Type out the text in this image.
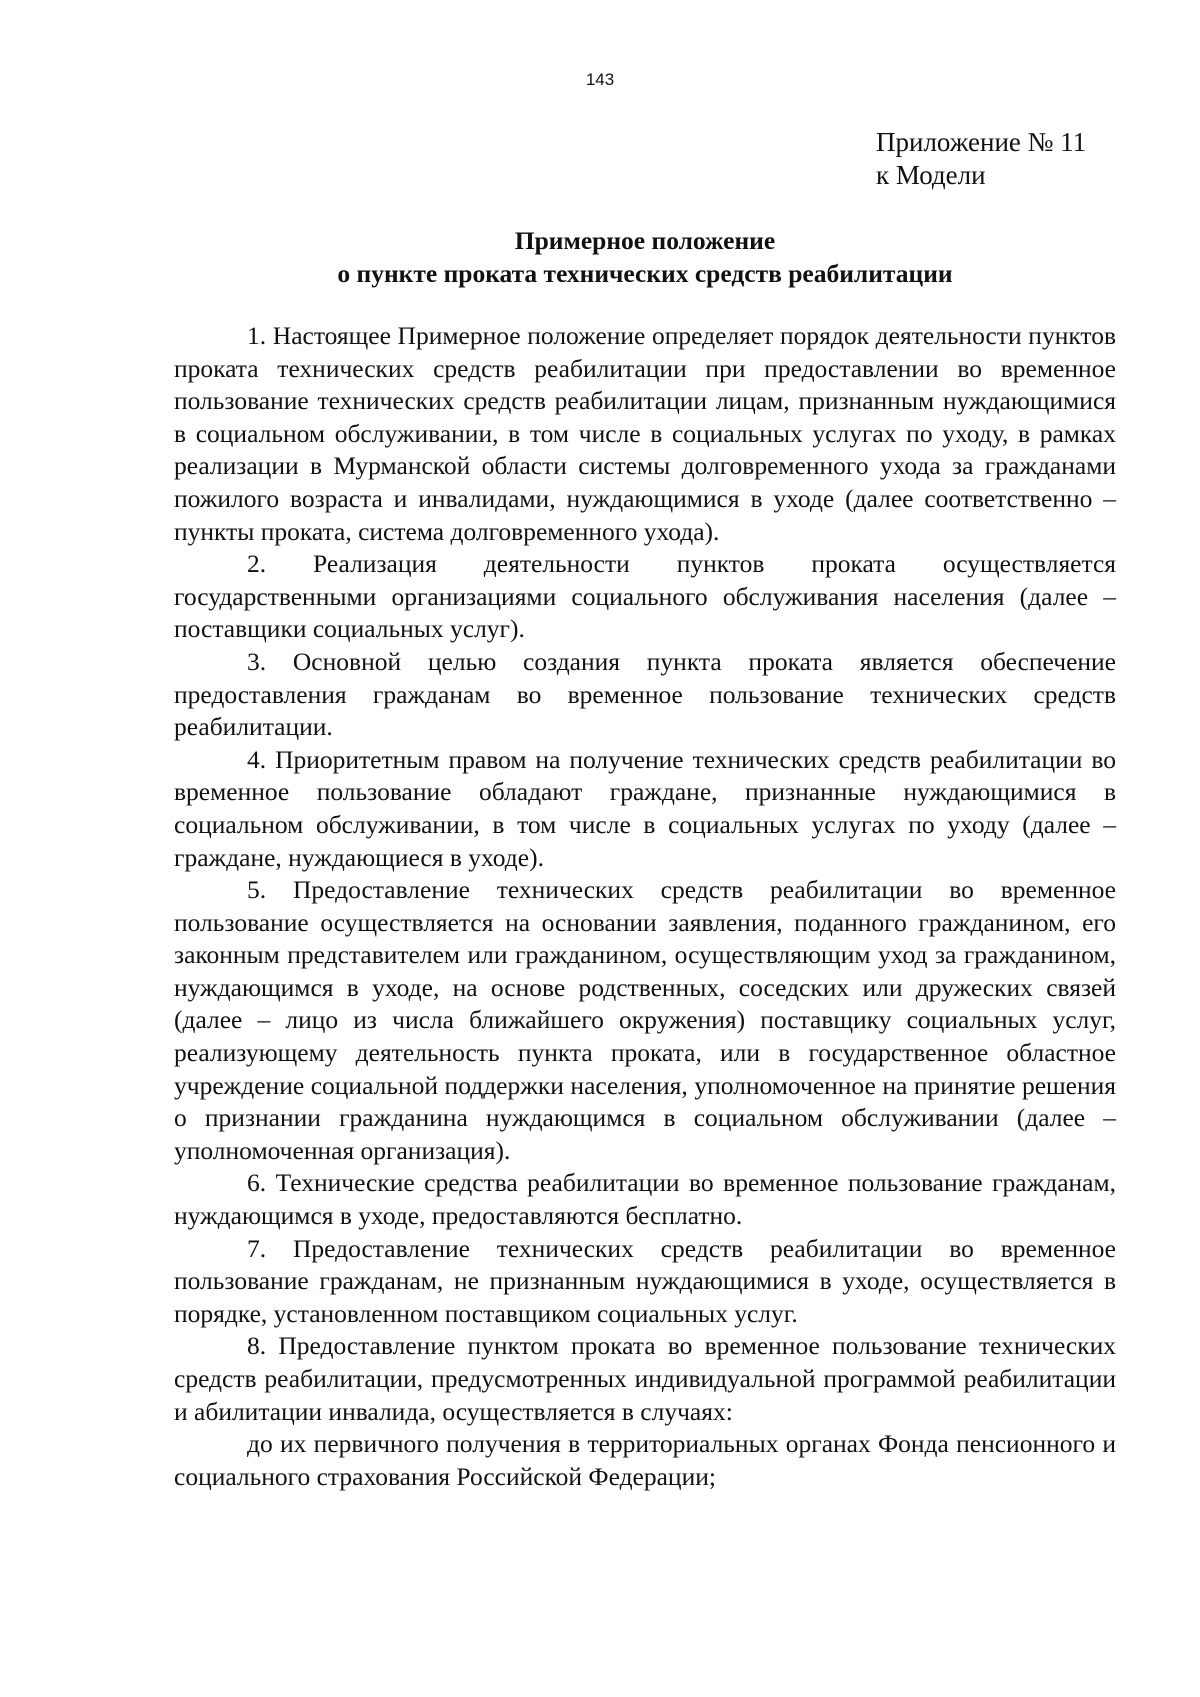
143
Приложение № 11
к Модели
Примерное положение
о пункте проката технических средств реабилитации

1. Настоящее Примерное положение определяет порядок деятельности пунктов проката технических средств реабилитации при предоставлении во временное пользование технических средств реабилитации лицам, признанным нуждающимися в социальном обслуживании, в том числе в социальных услугах по уходу, в рамках реализации в Мурманской области системы долговременного ухода за гражданами пожилого возраста и инвалидами, нуждающимися в уходе (далее соответственно – пункты проката, система долговременного ухода).

2. Реализация деятельности пунктов проката осуществляется государственными организациями социального обслуживания населения (далее – поставщики социальных услуг).

3. Основной целью создания пункта проката является обеспечение предоставления гражданам во временное пользование технических средств реабилитации.

4. Приоритетным правом на получение технических средств реабилитации во временное пользование обладают граждане, признанные нуждающимися в социальном обслуживании, в том числе в социальных услугах по уходу (далее – граждане, нуждающиеся в уходе).

5. Предоставление технических средств реабилитации во временное пользование осуществляется на основании заявления, поданного гражданином, его законным представителем или гражданином, осуществляющим уход за гражданином, нуждающимся в уходе, на основе родственных, соседских или дружеских связей (далее – лицо из числа ближайшего окружения) поставщику социальных услуг, реализующему деятельность пункта проката, или в государственное областное учреждение социальной поддержки населения, уполномоченное на принятие решения о признании гражданина нуждающимся в социальном обслуживании (далее – уполномоченная организация).

6. Технические средства реабилитации во временное пользование гражданам, нуждающимся в уходе, предоставляются бесплатно.

7. Предоставление технических средств реабилитации во временное пользование гражданам, не признанным нуждающимися в уходе, осуществляется в порядке, установленном поставщиком социальных услуг.

8. Предоставление пунктом проката во временное пользование технических средств реабилитации, предусмотренных индивидуальной программой реабилитации и абилитации инвалида, осуществляется в случаях:

до их первичного получения в территориальных органах Фонда пенсионного и социального страхования Российской Федерации;
